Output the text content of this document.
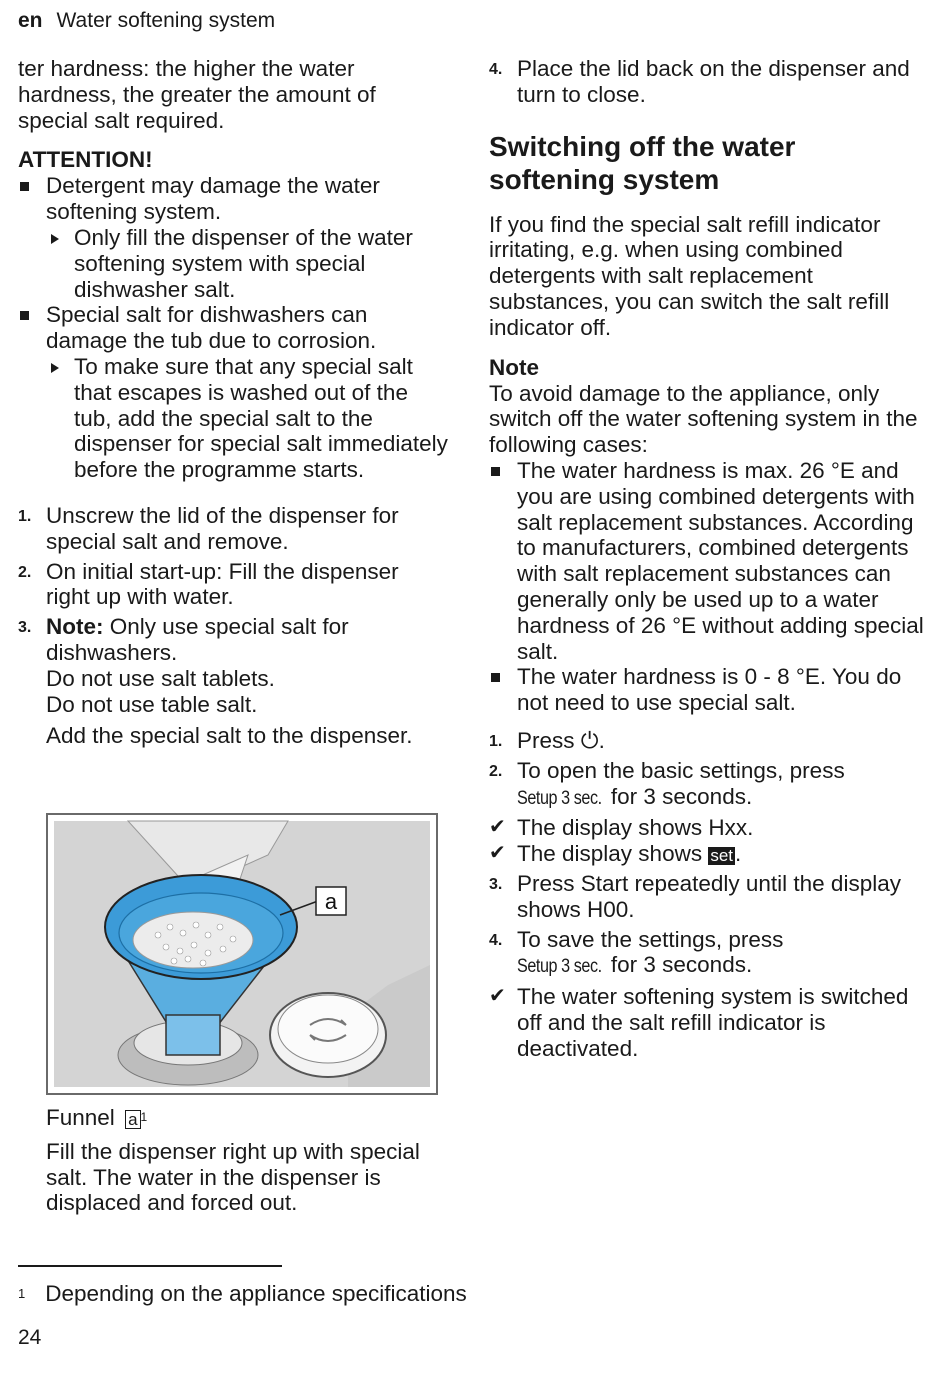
en Water softening system

ter hardness: the higher the water hardness, the greater the amount of special salt required.

ATTENTION!
Detergent may damage the water softening system.
Only fill the dispenser of the water softening system with special dishwasher salt.
Special salt for dishwashers can damage the tub due to corrosion.
To make sure that any special salt that escapes is washed out of the tub, add the special salt to the dispenser for special salt immediately before the programme starts.
1. Unscrew the lid of the dispenser for special salt and remove.
2. On initial start-up: Fill the dispenser right up with water.
3. Note: Only use special salt for dishwashers.
Do not use salt tablets.
Do not use table salt.
Add the special salt to the dispenser.
a
Funnel a $^1$

Fill the dispenser right up with special salt. The water in the dispenser is displaced and forced out.

4. Place the lid back on the dispenser and turn to close.
Switching off the water softening system

If you find the special salt refill indicator irritating, e.g. when using combined detergents with salt replacement substances, you can switch the salt refill indicator off.

Note

To avoid damage to the appliance, only switch off the water softening system in the following cases:

The water hardness is max. 26 °E and you are using combined detergents with salt replacement substances. According to manufacturers, combined detergents with salt replacement substances can generally only be used up to a water hardness of 26 °E without adding special salt.
The water hardness is 0 - 8 °E. You do not need to use special salt.
1. Press ⏻.
2. To open the basic settings, press
Setup 3 sec. for 3 seconds.
✔ The display shows Hxx.
✔ The display shows set.
3. Press Start repeatedly until the display shows H00.
4. To save the settings, press
Setup 3 sec. for 3 seconds.
✔ The water softening system is switched off and the salt refill indicator is deactivated.
$^1$ Depending on the appliance specifications
24
